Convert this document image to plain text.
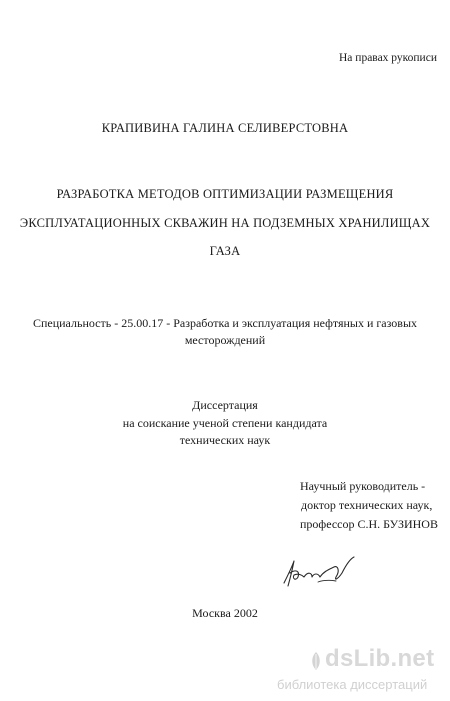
На правах рукописи
КРАПИВИНА ГАЛИНА СЕЛИВЕРСТОВНА
РАЗРАБОТКА МЕТОДОВ ОПТИМИЗАЦИИ РАЗМЕЩЕНИЯ
ЭКСПЛУАТАЦИОННЫХ СКВАЖИН НА ПОДЗЕМНЫХ ХРАНИЛИЩАХ
ГАЗА
Специальность - 25.00.17 - Разработка и эксплуатация нефтяных и газовых
месторождений
Диссертация
на соискание ученой степени кандидата
технических наук
Научный руководитель -
доктор технических наук,
профессор С.Н. БУЗИНОВ
Москва 2002
dsLib.net
библиотека диссертаций
